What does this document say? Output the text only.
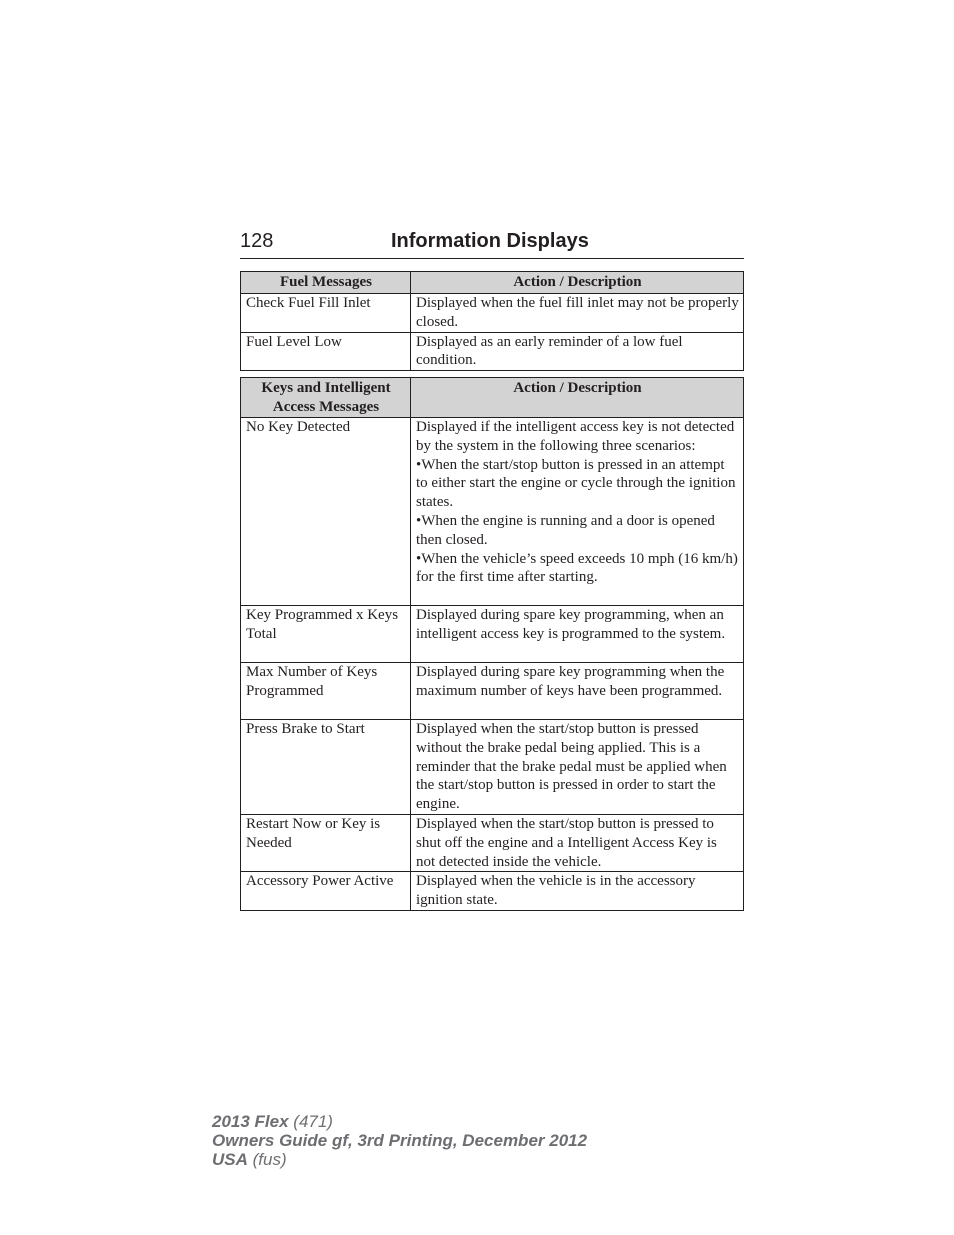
128	Information Displays
Fuel Messages	Action / Description
Check Fuel Fill Inlet	Displayed when the fuel fill inlet may not be properly closed.
Fuel Level Low	Displayed as an early reminder of a low fuel condition.
Keys and Intelligent Access Messages	Action / Description
No Key Detected	Displayed if the intelligent access key is not detected by the system in the following three scenarios:
•When the start/stop button is pressed in an attempt to either start the engine or cycle through the ignition states.
•When the engine is running and a door is opened then closed.
•When the vehicle’s speed exceeds 10 mph (16 km/h) for the first time after starting.

Key Programmed x Keys Total	Displayed during spare key programming, when an intelligent access key is programmed to the system.
Max Number of Keys Programmed	Displayed during spare key programming when the maximum number of keys have been programmed.
Press Brake to Start	Displayed when the start/stop button is pressed without the brake pedal being applied. This is a reminder that the brake pedal must be applied when the start/stop button is pressed in order to start the engine.
Restart Now or Key is Needed	Displayed when the start/stop button is pressed to shut off the engine and a Intelligent Access Key is not detected inside the vehicle.
Accessory Power Active	Displayed when the vehicle is in the accessory ignition state.
2013 Flex (471)
Owners Guide gf, 3rd Printing, December 2012
USA (fus)
